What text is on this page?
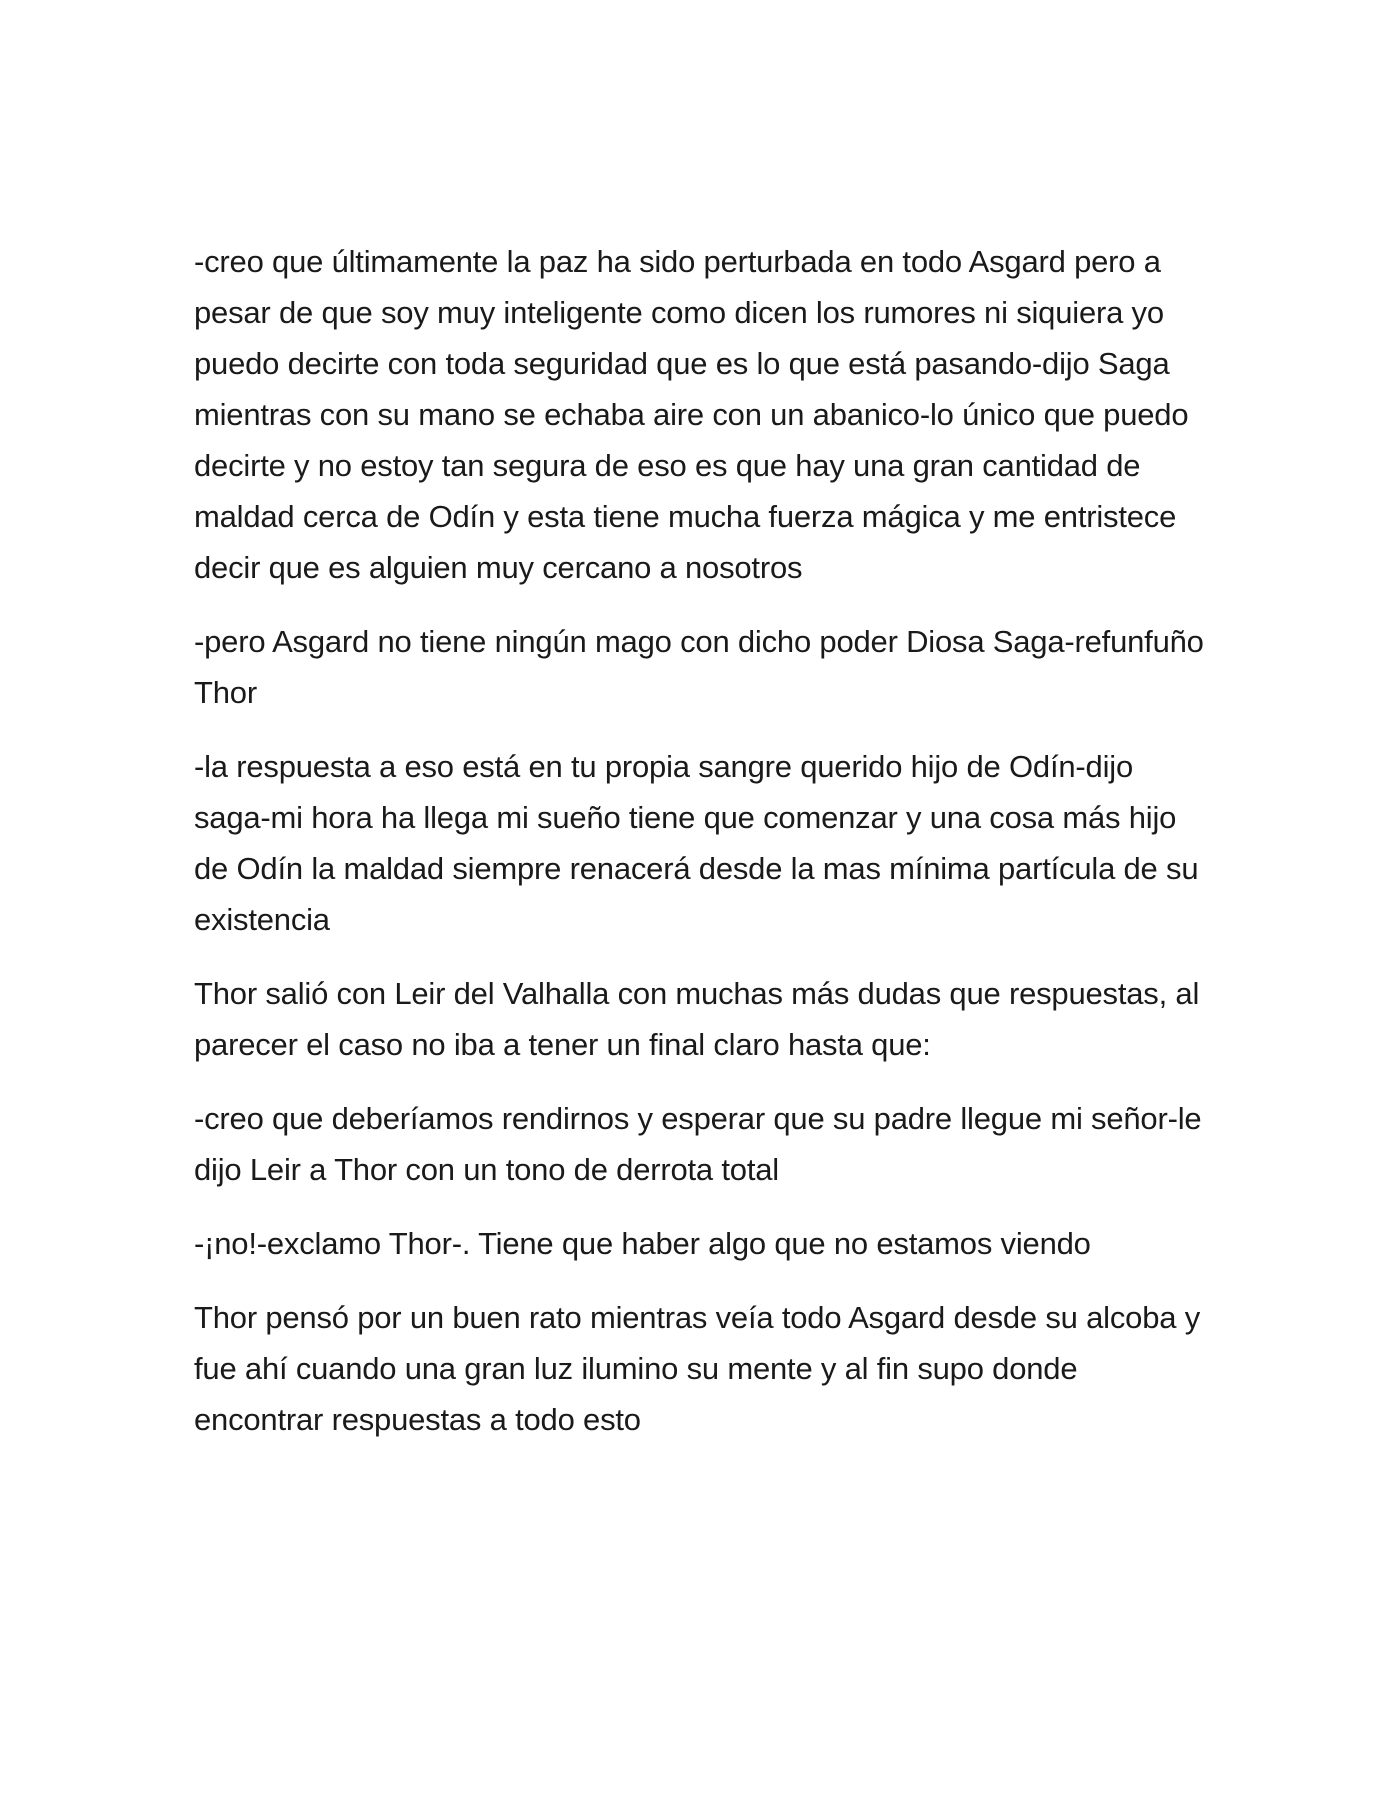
-creo que últimamente la paz ha sido perturbada en todo Asgard pero a pesar de que soy muy inteligente como dicen los rumores ni siquiera yo puedo decirte con toda seguridad que es lo que está pasando-dijo Saga mientras con su mano se echaba aire con un abanico-lo único que puedo decirte y no estoy tan segura de eso es que hay una gran cantidad de maldad cerca de Odín y esta tiene mucha fuerza mágica y me entristece decir que es alguien muy cercano a nosotros

-pero Asgard no tiene ningún mago con dicho poder Diosa Saga-refunfuño Thor

-la respuesta a eso está en tu propia sangre querido hijo de Odín-dijo saga-mi hora ha llega mi sueño tiene que comenzar y una cosa más hijo de Odín la maldad siempre renacerá desde la mas mínima partícula de su existencia

Thor salió con Leir del Valhalla con muchas más dudas que respuestas, al parecer el caso no iba a tener un final claro hasta que:

-creo que deberíamos rendirnos y esperar que su padre llegue mi señor-le dijo Leir a Thor con un tono de derrota total

-¡no!-exclamo Thor-. Tiene que haber algo que no estamos viendo

Thor pensó por un buen rato mientras veía todo Asgard desde su alcoba y fue ahí cuando una gran luz ilumino su mente y al fin supo donde encontrar respuestas a todo esto
